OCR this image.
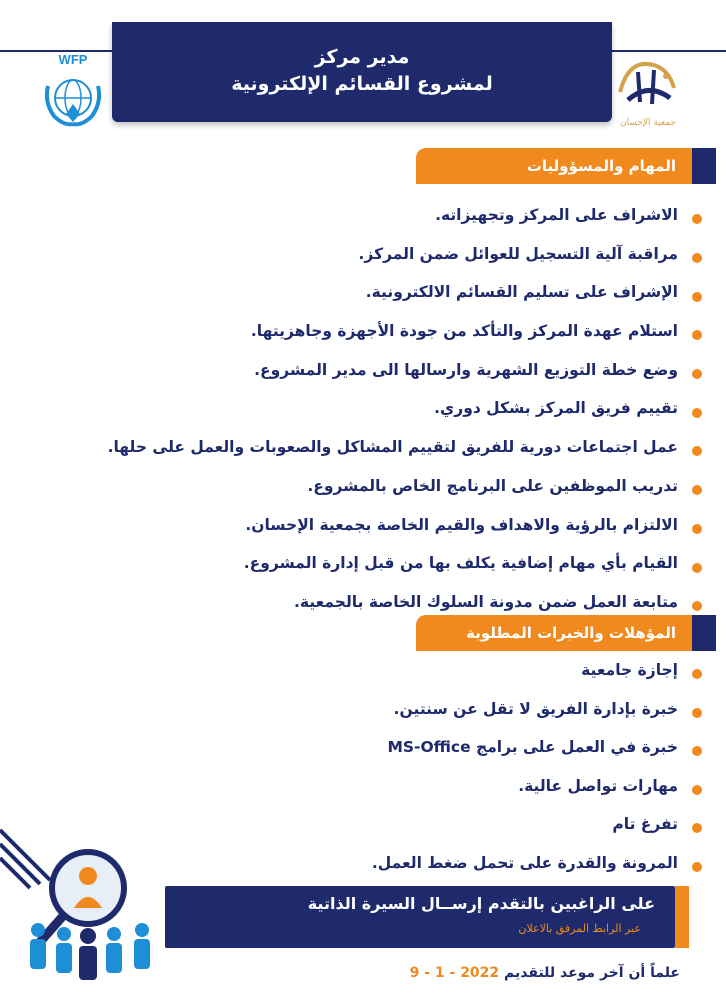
مدير مركز
لمشروع القسائم الإلكترونية
WFP
جمعية الإحسان
المهام والمسؤوليات
الاشراف على المركز وتجهيزاته.
مراقبة آلية التسجيل للعوائل ضمن المركز.
الإشراف على تسليم القسائم الالكترونية.
استلام عهدة المركز والتأكد من جودة الأجهزة وجاهزيتها.
وضع خطة التوزيع الشهرية وارسالها الى مدير المشروع.
تقييم فريق المركز بشكل دوري.
عمل اجتماعات دورية للفريق لتقييم المشاكل والصعوبات والعمل على حلها.
تدريب الموظفين على البرنامج الخاص بالمشروع.
الالتزام بالرؤية والاهداف والقيم الخاصة بجمعية الإحسان.
القيام بأي مهام إضافية يكلف بها من قبل إدارة المشروع.
متابعة العمل ضمن مدونة السلوك الخاصة بالجمعية.
المؤهلات والخبرات المطلوبة
إجازة جامعية
خبرة بإدارة الفريق لا تقل عن سنتين.
خبرة في العمل على برامج MS-Office
مهارات تواصل عالية.
تفرغ تام
المرونة والقدرة على تحمل ضغط العمل.
على الراغبين بالتقدم إرســال السيرة الذاتية
عبر الرابط المرفق بالاعلان
علماً أن آخر موعد للتقديم 9 - 1 - 2022
